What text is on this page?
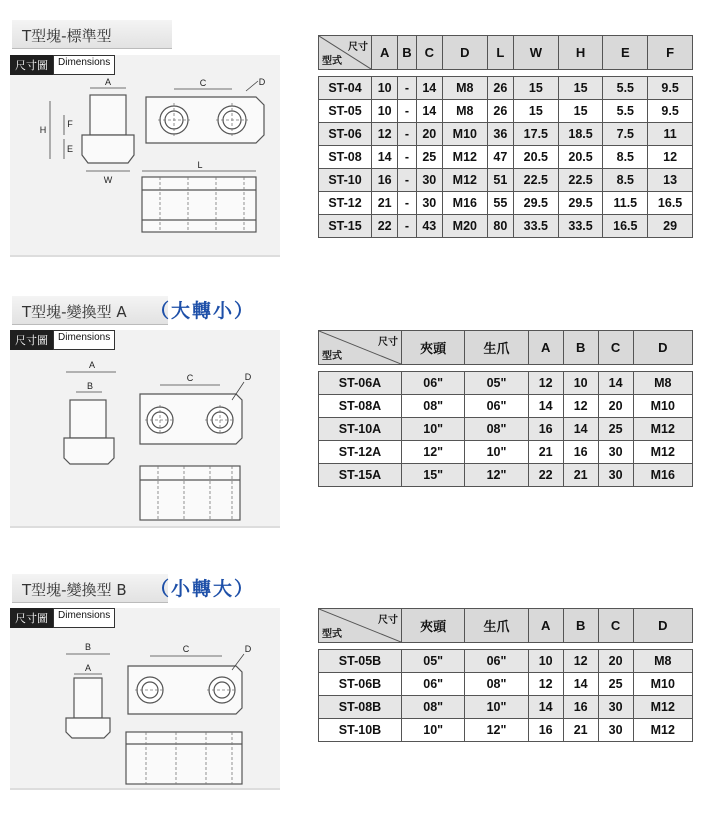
T型塊-標準型
尺寸圖	Dimensions
A	C	D
H
F
E
W
L
尺寸
型式	A	B	C	D	L	W	H	E	F

ST-04	10	-	14	M8	26	15	15	5.5	9.5
ST-05	10	-	14	M8	26	15	15	5.5	9.5
ST-06	12	-	20	M10	36	17.5	18.5	7.5	11
ST-08	14	-	25	M12	47	20.5	20.5	8.5	12
ST-10	16	-	30	M12	51	22.5	22.5	8.5	13
ST-12	21	-	30	M16	55	29.5	29.5	11.5	16.5
ST-15	22	-	43	M20	80	33.5	33.5	16.5	29
T型塊-變換型 A （大轉小）
尺寸圖	Dimensions
A
B
C	D
尺寸
型式	夾頭	生爪	A	B	C	D

ST-06A	06"	05"	12	10	14	M8
ST-08A	08"	06"	14	12	20	M10
ST-10A	10"	08"	16	14	25	M12
ST-12A	12"	10"	21	16	30	M12
ST-15A	15"	12"	22	21	30	M16
T型塊-變換型 B （小轉大）
尺寸圖	Dimensions
B
A
C	D
尺寸
型式	夾頭	生爪	A	B	C	D

ST-05B	05"	06"	10	12	20	M8
ST-06B	06"	08"	12	14	25	M10
ST-08B	08"	10"	14	16	30	M12
ST-10B	10"	12"	16	21	30	M12
